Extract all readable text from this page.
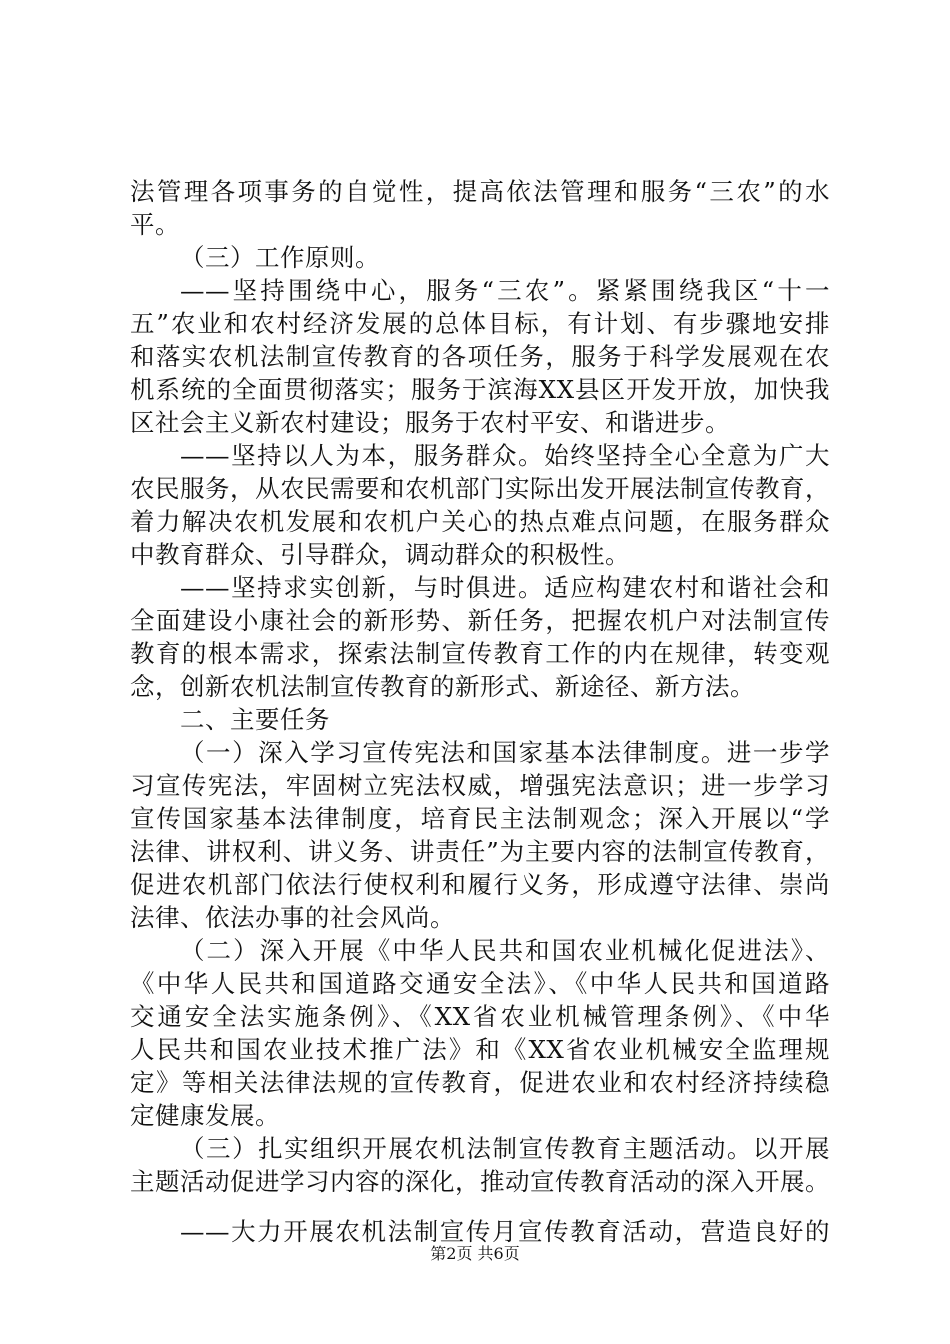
法管理各项事务的自觉性，提高依法管理和服务“三农”的水
平。
（三）工作原则。
——坚持围绕中心，服务“三农”。紧紧围绕我区“十一
五”农业和农村经济发展的总体目标，有计划、有步骤地安排
和落实农机法制宣传教育的各项任务，服务于科学发展观在农
机系统的全面贯彻落实；服务于滨海XX县区开发开放，加快我
区社会主义新农村建设；服务于农村平安、和谐进步。
——坚持以人为本，服务群众。始终坚持全心全意为广大
农民服务，从农民需要和农机部门实际出发开展法制宣传教育，
着力解决农机发展和农机户关心的热点难点问题，在服务群众
中教育群众、引导群众，调动群众的积极性。
——坚持求实创新，与时俱进。适应构建农村和谐社会和
全面建设小康社会的新形势、新任务，把握农机户对法制宣传
教育的根本需求，探索法制宣传教育工作的内在规律，转变观
念，创新农机法制宣传教育的新形式、新途径、新方法。
二、主要任务
（一）深入学习宣传宪法和国家基本法律制度。进一步学
习宣传宪法，牢固树立宪法权威，增强宪法意识；进一步学习
宣传国家基本法律制度，培育民主法制观念；深入开展以“学
法律、讲权利、讲义务、讲责任”为主要内容的法制宣传教育，
促进农机部门依法行使权利和履行义务，形成遵守法律、崇尚
法律、依法办事的社会风尚。
（二）深入开展《中华人民共和国农业机械化促进法》、
《中华人民共和国道路交通安全法》、《中华人民共和国道路
交通安全法实施条例》、《XX省农业机械管理条例》、《中华
人民共和国农业技术推广法》和《XX省农业机械安全监理规
定》等相关法律法规的宣传教育，促进农业和农村经济持续稳
定健康发展。
（三）扎实组织开展农机法制宣传教育主题活动。以开展
主题活动促进学习内容的深化，推动宣传教育活动的深入开展。
——大力开展农机法制宣传月宣传教育活动，营造良好的
第2页 共6页
